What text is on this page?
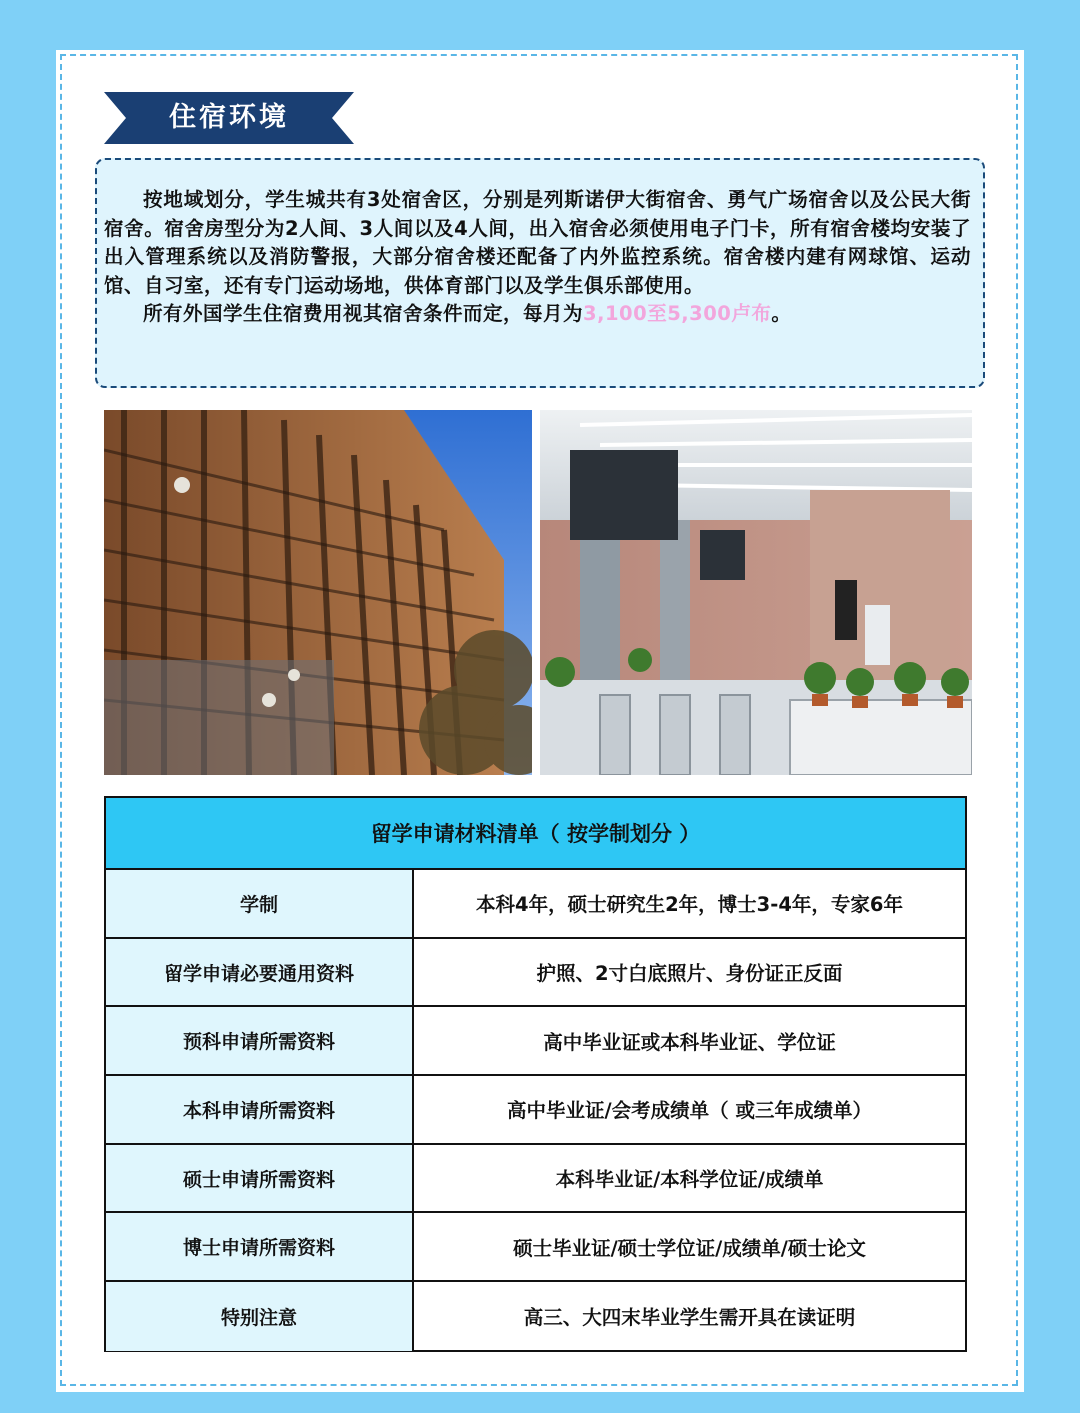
住宿环境

按地域划分，学生城共有3处宿舍区，分别是列斯诺伊大街宿舍、勇气广场宿舍以及公民大街宿舍。宿舍房型分为2人间、3人间以及4人间，出入宿舍必须使用电子门卡，所有宿舍楼均安装了出入管理系统以及消防警报，大部分宿舍楼还配备了内外监控系统。宿舍楼内建有网球馆、运动馆、自习室，还有专门运动场地，供体育部门以及学生俱乐部使用。

所有外国学生住宿费用视其宿舍条件而定，每月为3,100至5,300卢布。

留学申请材料清单（ 按学制划分 ）
学制	本科4年，硕士研究生2年，博士3-4年，专家6年
留学申请必要通用资料	护照、2寸白底照片、身份证正反面
预科申请所需资料	高中毕业证或本科毕业证、学位证
本科申请所需资料	高中毕业证/会考成绩单（ 或三年成绩单）
硕士申请所需资料	本科毕业证/本科学位证/成绩单
博士申请所需资料	硕士毕业证/硕士学位证/成绩单/硕士论文
特别注意	高三、大四末毕业学生需开具在读证明
